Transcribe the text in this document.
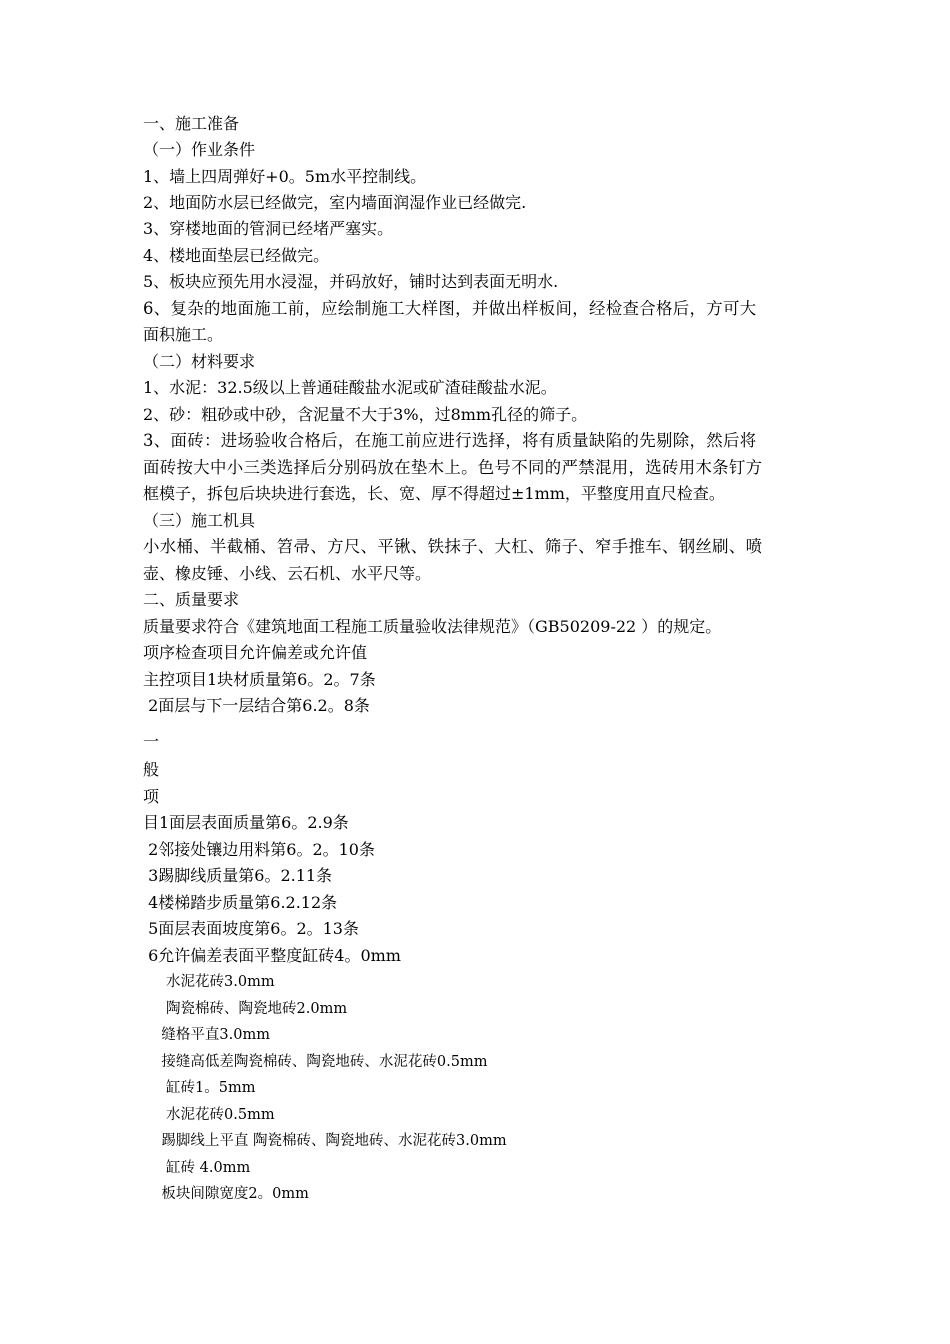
一、施工准备
（一）作业条件
1、墙上四周弹好+0。5m水平控制线。
2、地面防水层已经做完，室内墙面润湿作业已经做完.
3、穿楼地面的管洞已经堵严塞实。
4、楼地面垫层已经做完。
5、板块应预先用水浸湿，并码放好，铺时达到表面无明水.
6、复杂的地面施工前，应绘制施工大样图，并做出样板间，经检查合格后，方可大
面积施工。
（二）材料要求
1、水泥：32.5级以上普通硅酸盐水泥或矿渣硅酸盐水泥。
2、砂：粗砂或中砂，含泥量不大于3%，过8mm孔径的筛子。
3、面砖：进场验收合格后，在施工前应进行选择，将有质量缺陷的先剔除，然后将
面砖按大中小三类选择后分别码放在垫木上。色号不同的严禁混用，选砖用木条钉方
框模子，拆包后块块进行套选，长、宽、厚不得超过±1mm，平整度用直尺检查。
（三）施工机具
小水桶、半截桶、笤帚、方尺、平锹、铁抹子、大杠、筛子、窄手推车、钢丝刷、喷
壶、橡皮锤、小线、云石机、水平尺等。
二、质量要求
质量要求符合《建筑地面工程施工质量验收法律规范》（GB50209-22 ）的规定。
项序检查项目允许偏差或允许值
主控项目1块材质量第6。2。7条
2面层与下一层结合第6.2。8条
一
般
项
目1面层表面质量第6。2.9条
2邻接处镶边用料第6。2。10条
3踢脚线质量第6。2.11条
4楼梯踏步质量第6.2.12条
5面层表面坡度第6。2。13条
6允许偏差表面平整度缸砖4。0mm
水泥花砖3.0mm
陶瓷棉砖、陶瓷地砖2.0mm
缝格平直3.0mm
接缝高低差陶瓷棉砖、陶瓷地砖、水泥花砖0.5mm
缸砖1。5mm
水泥花砖0.5mm
踢脚线上平直 陶瓷棉砖、陶瓷地砖、水泥花砖3.0mm
缸砖 4.0mm
板块间隙宽度2。0mm
